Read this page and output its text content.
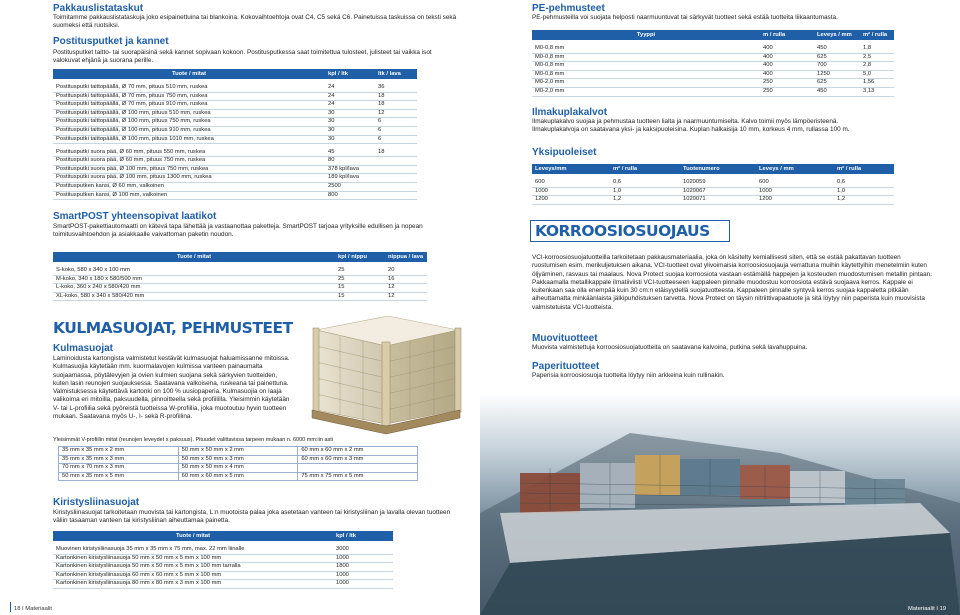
Pakkauslistataskut

Toimitamme pakkauslistataskuja joko esipainettuina tai blankoina. Kokovaihtoehtoja ovat C4, C5 sekä C6. Painetuissa taskuissa on teksti sekä suomeksi että ruotsiksi.

Postitusputket ja kannet

Postitusputket taitto- tai suorapäisinä sekä kannet sopivaan kokoon. Postitusputkessa saat toimitettua tulosteet, julisteet tai vaikka isot valokuvat ehjänä ja suorana perille.

Tuote / mitat	kpl / ltk	ltk / lava

Postitusputki taittopäällä, Ø 70 mm, pituus 510 mm, ruskea	24	36
Postitusputki taittopäällä, Ø 70 mm, pituus 750 mm, ruskea	24	18
Postitusputki taittopäällä, Ø 70 mm, pituus 910 mm, ruskea	24	18
Postitusputki taittopäällä, Ø 100 mm, pituus 510 mm, ruskea	30	12
Postitusputki taittopäällä, Ø 100 mm, pituus 750 mm, ruskea	30	6
Postitusputki taittopäällä, Ø 100 mm, pituus 910 mm, ruskea	30	6
Postitusputki taittopäällä, Ø 100 mm, pituus 1010 mm, ruskea	30	6

Postitusputki suora pää, Ø 60 mm, pituus 550 mm, ruskea	45	18
Postitusputki suora pää, Ø 60 mm, pituus 750 mm, ruskea	80	
Postitusputki suora pää, Ø 100 mm, pituus 750 mm, ruskea	378 kpl/lava	
Postitusputki suora pää, Ø 100 mm, pituus 1300 mm, ruskea	189 kpl/lava	
Postitusputken kansi, Ø 60 mm, valkoinen	2500	
Postitusputken kansi, Ø 100 mm, valkoinen	800	
SmartPOST yhteensopivat laatikot

SmartPOST-pakettiautomaatti on kätevä tapa lähettää ja vastaanottaa paketteja. SmartPOST tarjoaa yrityksille edullisen ja nopean toimitusvaihtoehdon ja asiakkaalle vaivattoman paketin noudon.

Tuote / mitat	kpl / nippu	nippua / lava

S-koko, 580 x 340 x 100 mm	25	20
M-koko, 340 x 180 x 580/500 mm	25	16
L-koko, 360 x 240 x 580/420 mm	15	12
XL-koko, 580 x 340 x 580/420 mm	15	12
KULMASUOJAT, PEHMUSTEET
Kulmasuojat

Laminoidusta kartongista valmistetut kestävät kulmasuojat haluamissanne mitoissa. Kulmasuojia käytetään mm. kuormalavojen kulmissa vanteen painaumalta suojaamassa, pöytälevyjen ja ovien kulmien suojana sekä särkyvien tuotteiden, kuten lasin reunojen suojauksessa. Saatavana valkoisena, ruskeana tai painettuna. Valmistuksessa käytettävä kartonki on 100 % uusiopaperia. Kulmasuojia on laaja valikoima eri mitoilla, paksuudella, pinnoitteella sekä profiililla. Yleisimmin käytetään V- tai L-profiilia sekä pyöreistä tuotteissa W-profiilia, joka muotoutuu hyvin tuotteen mukaan. Saatavana myös U-, I- sekä R-profiilina.

Yleisimmät V-profiilin mitat (reunojen leveydet x paksuus). Pituudet valittavissa tarpeen mukaan n. 6000 mm:iin asti
35 mm x 35 mm x 2 mm	50 mm x 50 mm x 2 mm	60 mm x 60 mm x 2 mm
35 mm x 35 mm x 3 mm	50 mm x 50 mm x 3 mm	60 mm x 60 mm x 3 mm
70 mm x 70 mm x 3 mm	50 mm x 50 mm x 4 mm	
50 mm x 35 mm x 5 mm	60 mm x 60 mm x 5 mm	75 mm x 75 mm x 5 mm
Kiristysliinasuojat

Kiristysliinasuojat tarkoitetaan muovista tai kartongista, L:n muotoista palaa joka asetetaan vanteen tai kiristysliinan ja lavalla olevan tuotteen väliin tasaaman vanteen tai kiristysliinan aiheuttamaa painetta.

Tuote / mitat	kpl / ltk

Muovinen kiristysliinasuoja 35 mm x 35 mm x 75 mm, max. 22 mm liinalle	3000
Kartonkinen kiristysliinasuoja 50 mm x 50 mm x 5 mm x 100 mm	1000
Kartonkinen kiristysliinasuoja 50 mm x 50 mm x 5 mm x 100 mm tarralla	1800
Kartonkinen kiristysliinasuoja 60 mm x 60 mm x 5 mm x 100 mm	1000
Kartonkinen kiristysliinasuoja 80 mm x 80 mm x 3 mm x 100 mm	1000
18 I Materiaalit
PE-pehmusteet

PE-pehmusteilla voi suojata helposti naarmuuntuvat tai särkyvät tuotteet sekä estää tuotteita liikaantumasta.

Tyyppi	m / rulla	Leveys / mm	m² / rulla

M0-0,8 mm	400	450	1,8
M0-0,8 mm	400	625	2,5
M0-0,8 mm	400	700	2,8
M0-0,8 mm	400	1250	5,0
M0-2,0 mm	250	625	1,56
M0-2,0 mm	250	450	3,13
Ilmakuplakalvot

Ilmakuplakalvo suojaa ja pehmustaa tuotteen lialta ja naarmuuntumiselta. Kalvo toimii myös lämpöeristeenä.

Ilmakuplakalvoja on saatavana yksi- ja kaksipuoleisina. Kuplan halkaisija 10 mm, korkeus 4 mm, rullassa 100 m.

Yksipuoleiset
Leveys/mm	m² / rulla	Tuotenumero	Leveys / mm	m² / rulla

600	0,6	1020059	600	0,6
1000	1,0	1020067	1000	1,0
1200	1,2	1020071	1200	1,2
KORROOSIOSUOJAUS

VCI-korroosiosuojatuotteilla tarkoitetaan pakkausmateriaalia, joka on käsitelty kemiallisesti siten, että se estää pakattavan tuotteen ruostumisen esim. merikuljetuksen aikana. VCI-tuotteet ovat ylivoimaisia korroosiosuojauja verrattuna muihin käytettyihin menetelmiin kuten öljyäminen, rasvaus tai maalaus. Nova Protect suojaa korroosiota vastaan estämällä happejen ja kosteuden muodostumisen metallin pintaan. Pakkaamalla metallikappale ilmatiiviisti VCI-tuotteeseen kappaleen pinnalle muodostuu korroosiota estävä suojaava kerros. Kappale ei kuitenkaan saa olla enempää kuin 30 cm:n etäisyydellä suojatuotteesta. Kappaleen pinnalle syntyvä kerros suojaa kappaletta pitkään aiheuttamatta minkäänlaista jälkipuhdistuksen tarvetta. Nova Protect on täysin nitriittivapaatuote ja sitä löytyy niin paperista kuin muovisista valmistetuista VCI-tuotteista.

Muovituotteet

Muovista valmistettuja korroosiosuojatuotteita on saatavana kalvoina, putkina sekä lavahuppuina.

Paperituotteet

Paperisia korroosiosuoja tuotteita löytyy niin arkkeina kuin rullinakin.

Materiaalit I 19
